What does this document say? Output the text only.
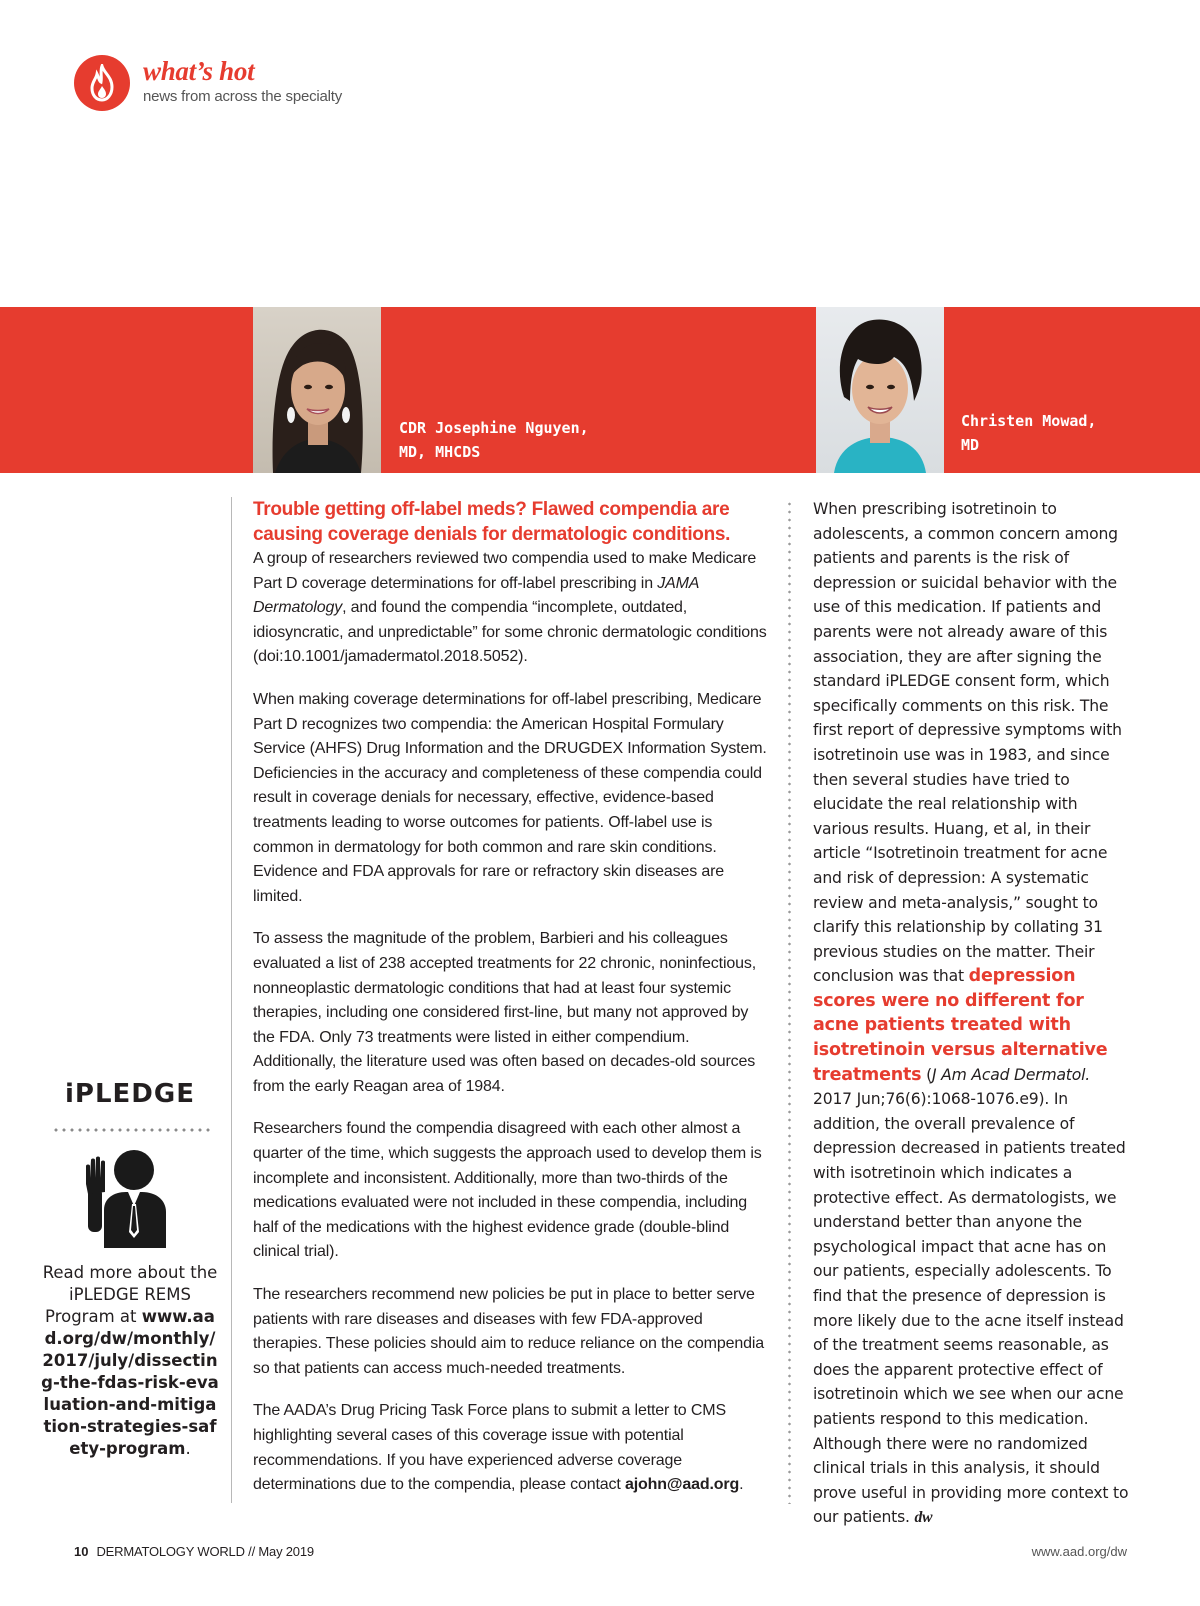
what’s hot
news from across the specialty
CDR Josephine Nguyen,
MD, MHCDS
Christen Mowad,
MD
iPLEDGE
Read more about the iPLEDGE REMS Program at www.aad.org/dw/monthly/2017/july/dissecting-the-fdas-risk-evaluation-and-mitigation-strategies-safety-program.
Trouble getting off-label meds? Flawed compendia are causing coverage denials for dermatologic conditions.

A group of researchers reviewed two compendia used to make Medicare Part D coverage determinations for off-label prescribing in JAMA Dermatology, and found the compendia “incomplete, outdated, idiosyncratic, and unpredictable” for some chronic dermatologic conditions (doi:10.1001/jamadermatol.2018.5052).

When making coverage determinations for off-label prescribing, Medicare Part D recognizes two compendia: the American Hospital Formulary Service (AHFS) Drug Information and the DRUGDEX Information System. Deficiencies in the accuracy and completeness of these compendia could result in coverage denials for necessary, effective, evidence-based treatments leading to worse outcomes for patients. Off-label use is common in dermatology for both common and rare skin conditions. Evidence and FDA approvals for rare or refractory skin diseases are limited.

To assess the magnitude of the problem, Barbieri and his colleagues evaluated a list of 238 accepted treatments for 22 chronic, noninfectious, nonneoplastic dermatologic conditions that had at least four systemic therapies, including one considered first-line, but many not approved by the FDA. Only 73 treatments were listed in either compendium. Additionally, the literature used was often based on decades-old sources from the early Reagan area of 1984.

Researchers found the compendia disagreed with each other almost a quarter of the time, which suggests the approach used to develop them is incomplete and inconsistent. Additionally, more than two-thirds of the medications evaluated were not included in these compendia, including half of the medications with the highest evidence grade (double-blind clinical trial).

The researchers recommend new policies be put in place to better serve patients with rare diseases and diseases with few FDA-approved therapies. These policies should aim to reduce reliance on the compendia so that patients can access much-needed treatments.

The AADA’s Drug Pricing Task Force plans to submit a letter to CMS highlighting several cases of this coverage issue with potential recommendations. If you have experienced adverse coverage determinations due to the compendia, please contact ajohn@aad.org.

When prescribing isotretinoin to adolescents, a common concern among patients and parents is the risk of depression or suicidal behavior with the use of this medication. If patients and parents were not already aware of this association, they are after signing the standard iPLEDGE consent form, which specifically comments on this risk. The first report of depressive symptoms with isotretinoin use was in 1983, and since then several studies have tried to elucidate the real relationship with various results. Huang, et al, in their article “Isotretinoin treatment for acne and risk of depression: A systematic review and meta-analysis,” sought to clarify this relationship by collating 31 previous studies on the matter. Their conclusion was that depression scores were no different for acne patients treated with isotretinoin versus alternative treatments (J Am Acad Dermatol. 2017 Jun;76(6):1068-1076.e9). In addition, the overall prevalence of depression decreased in patients treated with isotretinoin which indicates a protective effect. As dermatologists, we understand better than anyone the psychological impact that acne has on our patients, especially adolescents. To find that the presence of depression is more likely due to the acne itself instead of the treatment seems reasonable, as does the apparent protective effect of isotretinoin which we see when our acne patients respond to this medication. Although there were no randomized clinical trials in this analysis, it should prove useful in providing more context to our patients. dw
10 DERMATOLOGY WORLD // May 2019	www.aad.org/dw
